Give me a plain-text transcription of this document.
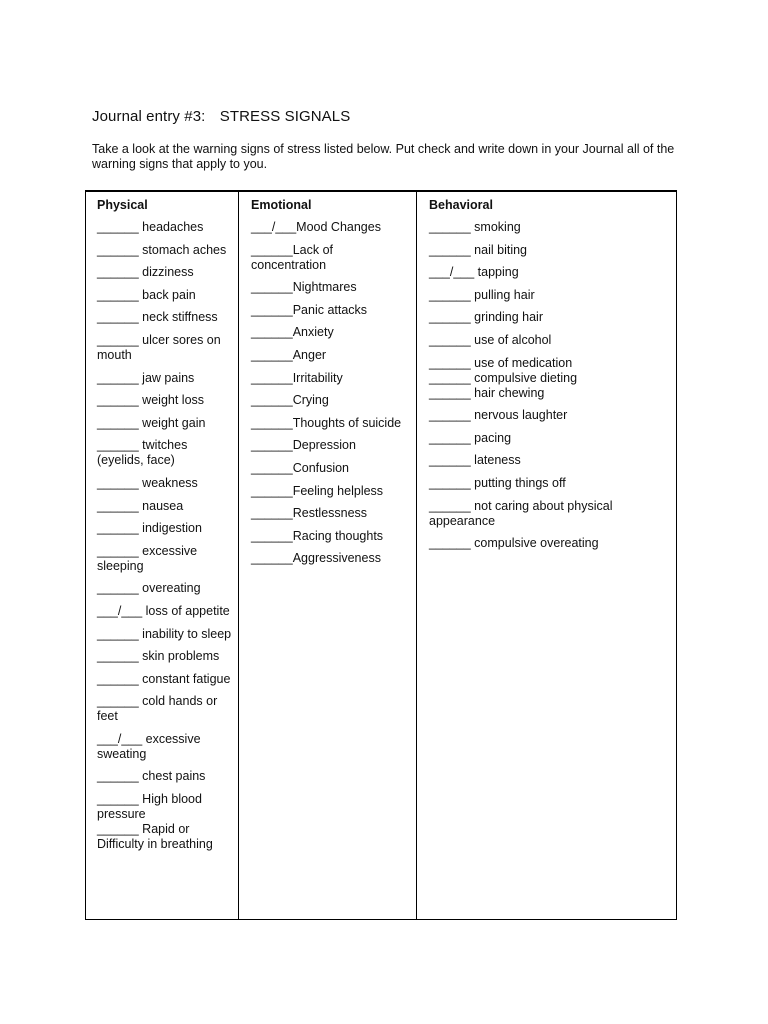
Journal entry #3: STRESS SIGNALS
Take a look at the warning signs of stress listed below. Put check and write down in your Journal all of the warning signs that apply to you.
Physical
______ headaches
______ stomach aches
______ dizziness
______ back pain
______ neck stiffness
______ ulcer sores on mouth
______ jaw pains
______ weight loss
______ weight gain
______ twitches (eyelids, face)
______ weakness
______ nausea
______ indigestion
______ excessive sleeping
______ overeating
___/___ loss of appetite
______ inability to sleep
______ skin problems
______ constant fatigue
______ cold hands or feet
___/___ excessive sweating
______ chest pains
______ High blood pressure
______ Rapid or Difficulty in breathing
Emotional
___/___Mood Changes
______Lack of concentration
______Nightmares
______Panic attacks
______Anxiety
______Anger
______Irritability
______Crying
______Thoughts of suicide
______Depression
______Confusion
______Feeling helpless
______Restlessness
______Racing thoughts
______Aggressiveness
Behavioral
______ smoking
______ nail biting
___/___ tapping
______ pulling hair
______ grinding hair
______ use of alcohol
______ use of medication
______ compulsive dieting
______ hair chewing
______ nervous laughter
______ pacing
______ lateness
______ putting things off
______ not caring about physical appearance
______ compulsive overeating
